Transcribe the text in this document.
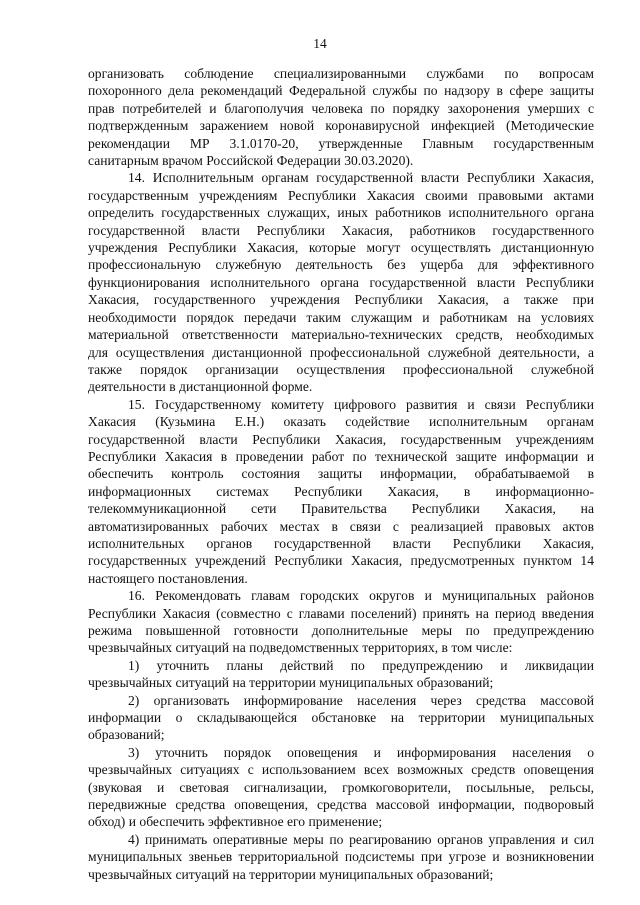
14
организовать соблюдение специализированными службами по вопросам
похоронного дела рекомендаций Федеральной службы по надзору в сфере защиты
прав потребителей и благополучия человека по порядку захоронения умерших с
подтвержденным заражением новой коронавирусной инфекцией (Методические
рекомендации МР 3.1.0170-20, утвержденные Главным государственным
санитарным врачом Российской Федерации 30.03.2020).
14. Исполнительным органам государственной власти Республики Хакасия,
государственным учреждениям Республики Хакасия своими правовыми актами
определить государственных служащих, иных работников исполнительного органа
государственной власти Республики Хакасия, работников государственного
учреждения Республики Хакасия, которые могут осуществлять дистанционную
профессиональную служебную деятельность без ущерба для эффективного
функционирования исполнительного органа государственной власти Республики
Хакасия, государственного учреждения Республики Хакасия, а также при
необходимости порядок передачи таким служащим и работникам на условиях
материальной ответственности материально-технических средств, необходимых
для осуществления дистанционной профессиональной служебной деятельности, а
также порядок организации осуществления профессиональной служебной
деятельности в дистанционной форме.
15. Государственному комитету цифрового развития и связи Республики
Хакасия (Кузьмина Е.Н.) оказать содействие исполнительным органам
государственной власти Республики Хакасия, государственным учреждениям
Республики Хакасия в проведении работ по технической защите информации и
обеспечить контроль состояния защиты информации, обрабатываемой в
информационных системах Республики Хакасия, в информационно-
телекоммуникационной сети Правительства Республики Хакасия, на
автоматизированных рабочих местах в связи с реализацией правовых актов
исполнительных органов государственной власти Республики Хакасия,
государственных учреждений Республики Хакасия, предусмотренных пунктом 14
настоящего постановления.
16. Рекомендовать главам городских округов и муниципальных районов
Республики Хакасия (совместно с главами поселений) принять на период введения
режима повышенной готовности дополнительные меры по предупреждению
чрезвычайных ситуаций на подведомственных территориях, в том числе:
1) уточнить планы действий по предупреждению и ликвидации
чрезвычайных ситуаций на территории муниципальных образований;
2) организовать информирование населения через средства массовой
информации о складывающейся обстановке на территории муниципальных
образований;
3) уточнить порядок оповещения и информирования населения о
чрезвычайных ситуациях с использованием всех возможных средств оповещения
(звуковая и световая сигнализации, громкоговорители, посыльные, рельсы,
передвижные средства оповещения, средства массовой информации, подворовый
обход) и обеспечить эффективное его применение;
4) принимать оперативные меры по реагированию органов управления и сил
муниципальных звеньев территориальной подсистемы при угрозе и возникновении
чрезвычайных ситуаций на территории муниципальных образований;
